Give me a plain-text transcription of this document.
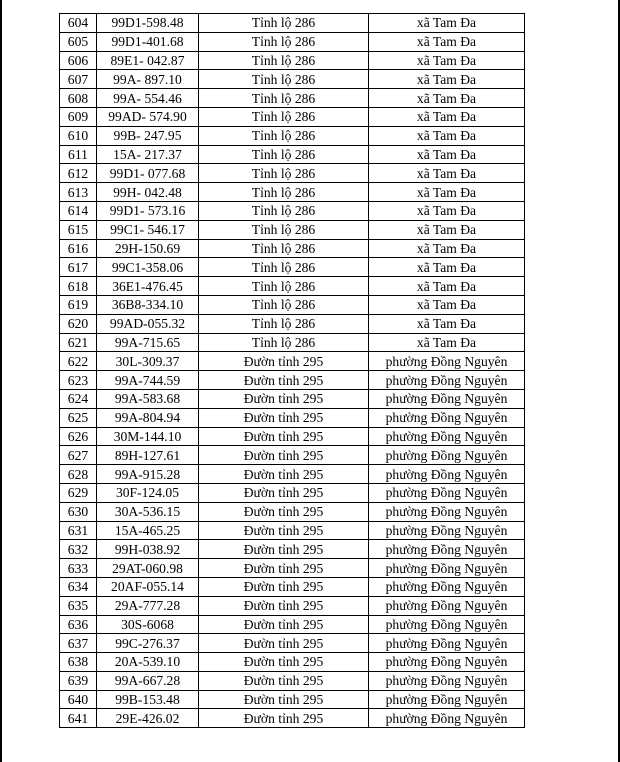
604	99D1-598.48	Tỉnh lộ 286	xã Tam Đa
605	99D1-401.68	Tỉnh lộ 286	xã Tam Đa
606	89E1- 042.87	Tỉnh lộ 286	xã Tam Đa
607	99A- 897.10	Tỉnh lộ 286	xã Tam Đa
608	99A- 554.46	Tỉnh lộ 286	xã Tam Đa
609	99AD- 574.90	Tỉnh lộ 286	xã Tam Đa
610	99B- 247.95	Tỉnh lộ 286	xã Tam Đa
611	15A- 217.37	Tỉnh lộ 286	xã Tam Đa
612	99D1- 077.68	Tỉnh lộ 286	xã Tam Đa
613	99H- 042.48	Tỉnh lộ 286	xã Tam Đa
614	99D1- 573.16	Tỉnh lộ 286	xã Tam Đa
615	99C1- 546.17	Tỉnh lộ 286	xã Tam Đa
616	29H-150.69	Tỉnh lộ 286	xã Tam Đa
617	99C1-358.06	Tỉnh lộ 286	xã Tam Đa
618	36E1-476.45	Tỉnh lộ 286	xã Tam Đa
619	36B8-334.10	Tỉnh lộ 286	xã Tam Đa
620	99AD-055.32	Tỉnh lộ 286	xã Tam Đa
621	99A-715.65	Tỉnh lộ 286	xã Tam Đa
622	30L-309.37	Đườn tỉnh 295	phường Đồng Nguyên
623	99A-744.59	Đườn tỉnh 295	phường Đồng Nguyên
624	99A-583.68	Đườn tỉnh 295	phường Đồng Nguyên
625	99A-804.94	Đườn tỉnh 295	phường Đồng Nguyên
626	30M-144.10	Đườn tỉnh 295	phường Đồng Nguyên
627	89H-127.61	Đườn tỉnh 295	phường Đồng Nguyên
628	99A-915.28	Đườn tỉnh 295	phường Đồng Nguyên
629	30F-124.05	Đườn tỉnh 295	phường Đồng Nguyên
630	30A-536.15	Đườn tỉnh 295	phường Đồng Nguyên
631	15A-465.25	Đườn tỉnh 295	phường Đồng Nguyên
632	99H-038.92	Đườn tỉnh 295	phường Đồng Nguyên
633	29AT-060.98	Đườn tỉnh 295	phường Đồng Nguyên
634	20AF-055.14	Đườn tỉnh 295	phường Đồng Nguyên
635	29A-777.28	Đườn tỉnh 295	phường Đồng Nguyên
636	30S-6068	Đườn tỉnh 295	phường Đồng Nguyên
637	99C-276.37	Đườn tỉnh 295	phường Đồng Nguyên
638	20A-539.10	Đườn tỉnh 295	phường Đồng Nguyên
639	99A-667.28	Đườn tỉnh 295	phường Đồng Nguyên
640	99B-153.48	Đườn tỉnh 295	phường Đồng Nguyên
641	29E-426.02	Đườn tỉnh 295	phường Đồng Nguyên
